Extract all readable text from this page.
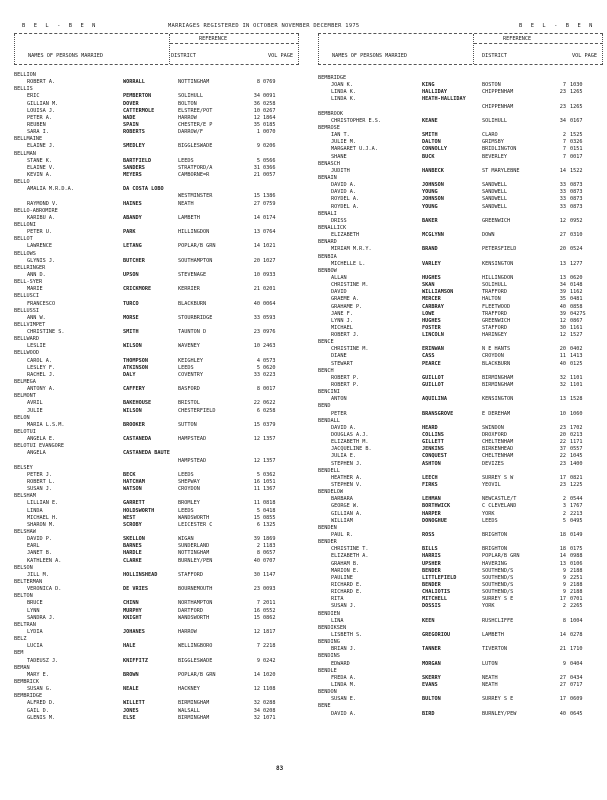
B E L - B E N	MARRIAGES REGISTERED IN OCTOBER NOVEMBER DECEMBER 1975	B E L - B E N
REFERENCE
NAMES OF PERSONS MARRIED	DISTRICT	VOL PAGE
BELLION
ROBERT A.	WORRALL	NOTTINGHAM	8 0769
BELLIS
ERIC	PEMBERTON	SOLIHULL	34 0091
GILLIAN M.	DOVER	BOLTON	36 0258
LOUISA J.	CATTERMOLE	ELSTREE/POT	10 0267
PETER A.	WADE	HARROW	12 1864
REUBEN	SPAIN	CHESTER/E P	35 0185
SARA I.	ROBERTS	DARROW/F	1 0070
BELLMAINE
ELAINE J.	SMEDLEY	BIGGLESWADE	9 0206
BELLMAN
STANE K.	BARTFIELD	LEEDS	5 0566
ELAINE V.	SANDERS	STRATFORD/A	31 0366
KEVIN A.	MEYERS	CAMBORNE=R	21 0057
BELLO
AMALIA M.R.D.A.	DA COSTA LOBO
WESTMINSTER	15 1386
RAYMOND V.	HAINES	NEATH	27 0759
BELLO-ABROMIRE
KARIBU A.	ABANDY	LAMBETH	14 0174
BELLONI
PETER U.	PARK	HILLINGDON	13 0764
BELLOT
LAWRENCE	LETANG	POPLAR/B GRN	14 1021
BELLOWS
GLYNIS J.	BUTCHER	SOUTHAMPTON	20 1027
BELLRINGER
ANN D.	UPSON	STEVENAGE	10 0933
BELL-SYER
MARIE	CRICKMORE	KERRIER	21 0201
BELLUSCI
FRANCESCO	TURCO	BLACKBURN	40 0064
BELLUSSI
ANN W.	MORSE	STOURBRIDGE	33 0593
BELLVIMPET
CHRISTINE S.	SMITH	TAUNTON D	23 0976
BELLWARD
LESLIE	WILSON	WAVENEY	10 2463
BELLWOOD
CAROL A.	THOMPSON	KEIGHLEY	4 0573
LESLEY F.	ATKINSON	LEEDS	5 0620
RACHEL J.	DALY	COVENTRY	33 0223
BELMEGA
ANTONY A.	CAFFERY	BASFORD	8 0017
BELMONT
AVRIL	BAKEHOUSE	BRISTOL	22 0622
JULIE	WILSON	CHESTERFIELD	6 0258
BELON
MARIA L.S.M.	BROOKER	SUTTON	15 0379
BELOTUI
ANGELA E.	CASTANEDA	HAMPSTEAD	12 1357
BELOTUI EVANGORE
ANGELA	CASTANEDA BAUTE
HAMPSTEAD	12 1357
BELSEY
PETER J.	BECK	LEEDS	5 0362
ROBERT L.	HATCHAM	SHEPWAY	16 1051
SUSAN J.	WATSON	CROYDON	11 1367
BELSHAM
LILLIAN E.	GARRETT	BROMLEY	11 0818
LINDA	HOLDSWORTH	LEEDS	5 0418
MICHAEL H.	WEST	WANDSWORTH	15 0855
SHARON M.	SCROBY	LEICESTER C	6 1325
BELSHAW
DAVID P.	SKELLON	WIGAN	39 1869
EARL	BARNES	SUNDERLAND	2 1183
JANET B.	HARDLE	NOTTINGHAM	8 0657
KATHLEEN A.	CLARKE	BURNLEY/PEN	40 0707
BELSON
JILL M.	HOLLINSHEAD	STAFFORD	30 1147
BELTERMAN
VERONICA D.	DE VRIES	BOURNEMOUTH	23 0093
BELTON
BRUCE	CHINN	NORTHAMPTON	7 2011
LYNN	MURPHY	DARTFORD	16 0552
SANDRA J.	KNIGHT	WANDSWORTH	15 0862
BELTRAN
LYDIA	JOHANES	HARROW	12 1817
BELZ
LUCIA	HALE	WELLINGBORO	7 2218
BEM
TADEUSZ J.	KNIFFITZ	BIGGLESWADE	9 0242
BEMAN
MARY E.	BROWN	POPLAR/B GRN	14 1020
BEMBRICK
SUSAN G.	NEALE	HACKNEY	12 1108
BEMBRIDGE
ALFRED D.	WILLETT	BIRMINGHAM	32 0288
GAIL D.	JONES	WALSALL	34 0208
GLENIS M.	ELSE	BIRMINGHAM	32 1071
REFERENCE
NAMES OF PERSONS MARRIED	DISTRICT	VOL PAGE
BEMBRIDGE
JOAN K.	KING	BOSTON	7 1030
LINDA K.	HALLIDAY	CHIPPENHAM	23 1265
LINDA K.	HEATH-HALLIDAY
CHIPPENHAM	23 1265
BEMBROOK
CHRISTOPHER E.S.	KEANE	SOLIHULL	34 0167
BEMROSE
IAN T.	SMITH	CLARO	2 1525
JULIE M.	DALTON	GRIMSBY	7 0326
MARGARET U.J.A.	CONNOLLY	BRIDLINGTON	7 0151
SHANE	BUCK	BEVERLEY	7 0017
BENASCH
JUDITH	HANBECK	ST MARYLEBNE	14 1522
BENAIN
DAVID A.	JOHNSON	SANDWELL	33 0873
DAVID A.	YOUNG	SANDWELL	33 0873
ROYDEL A.	JOHNSON	SANDWELL	33 0873
ROYDEL A.	YOUNG	SANDWELL	33 0873
BENALI
DRISS	BAKER	GREENWICH	12 0952
BENALLICK
ELIZABETH	MCGLYNN	DOWN	27 0310
BENARD
MIRIAM M.R.Y.	BRAND	PETERSFIELD	20 0524
BENBIA
MICHELLE L.	VARLEY	KENSINGTON	13 1277
BENBOW
ALLAN	HUGHES	HILLINGDON	13 0620
CHRISTINE M.	SKAN	SOLIHULL	34 0148
DAVID	WILLIAMSON	TRAFFORD	39 1162
GRAEME A.	MERCER	HALTON	35 0481
GRAHAME P.	CARBRAY	FLEETWOOD	40 0858
JANE F.	LOWE	TRAFFORD	39 0427S
LYNN J.	HUGHES	GREENWICH	12 0867
MICHAEL	FOSTER	STAFFORD	30 1161
ROBERT J.	LINCOLN	HARINGEY	12 1527
BENCE
CHRISTINE M.	ERINWAN	N E HANTS	20 0402
DIANE	CASS	CROYDON	11 1413
STEWART	PEARCE	BLACKBURN	40 0125
BENCH
ROBERT P.	GUILLOT	BIRMINGHAM	32 1101
ROBERT P.	GUILLOT	BIRMINGHAM	32 1101
BENCINI
ANTON	AQUILINA	KENSINGTON	13 1528
BEND
PETER	BRANSGROVE	E DEREHAM	10 1060
BENDALL
DAVID A.	HEARD	SWINDON	23 1702
DOUGLAS A.J.	COLLINS	DROXFORD	20 0213
ELIZABETH M.	GILLETT	CHELTENHAM	22 1171
JACQUELINE B.	JENKINS	BIRKENHEAD	37 0557
JULIA E.	CONQUEST	CHELTENHAM	22 1045
STEPHEN J.	ASHTON	DEVIZES	23 1400
BENDELL
HEATHER A.	LEECH	SURREY S W	17 0821
STEPHEN V.	FIRKS	YEOVIL	23 1225
BENDELOW
BARBARA	LEHMAN	NEWCASTLE/T	2 0544
GEORGE W.	BORTHWICK	C CLEVELAND	3 1767
GILLIAN A.	HARPER	YORK	2 2213
WILLIAM	DONOGHUE	LEEDS	5 0495
BENDEN
PAUL R.	ROSS	BRIGHTON	18 0149
BENDER
CHRISTINE T.	BILLS	BRIGHTON	18 0175
ELIZABETH A.	HARRIS	POPLAR/B GRN	14 0988
GRAHAM B.	UPSHER	HAVERING	13 0106
MARION E.	BENDER	SOUTHEND/S	9 2188
PAULINE	LITTLEFIELD	SOUTHEND/S	9 2251
RICHARD E.	BENDER	SOUTHEND/S	9 2188
RICHARD E.	CHALIOTIS	SOUTHEND/S	9 2188
RITA	MITCHELL	SURREY S E	17 0701
SUSAN J.	DOSSIS	YORK	2 2265
BENDIEN
LINA	KEEN	RUSHCLIFFE	8 1004
BENDIKSEN
LISBETH S.	GREGORIOU	LAMBETH	14 0278
BENDING
BRIAN J.	TANNER	TIVERTON	21 1710
BENDINS
EDWARD	MORGAN	LUTON	9 0404
BENDLE
FREDA A.	SKERRY	NEATH	27 0434
LINDA M.	EVANS	NEATH	27 0717
BENDON
SUSAN E.	BULTON	SURREY S E	17 0609
BENE
DAVID A.	BIRD	BURNLEY/PEW	40 0645
83
